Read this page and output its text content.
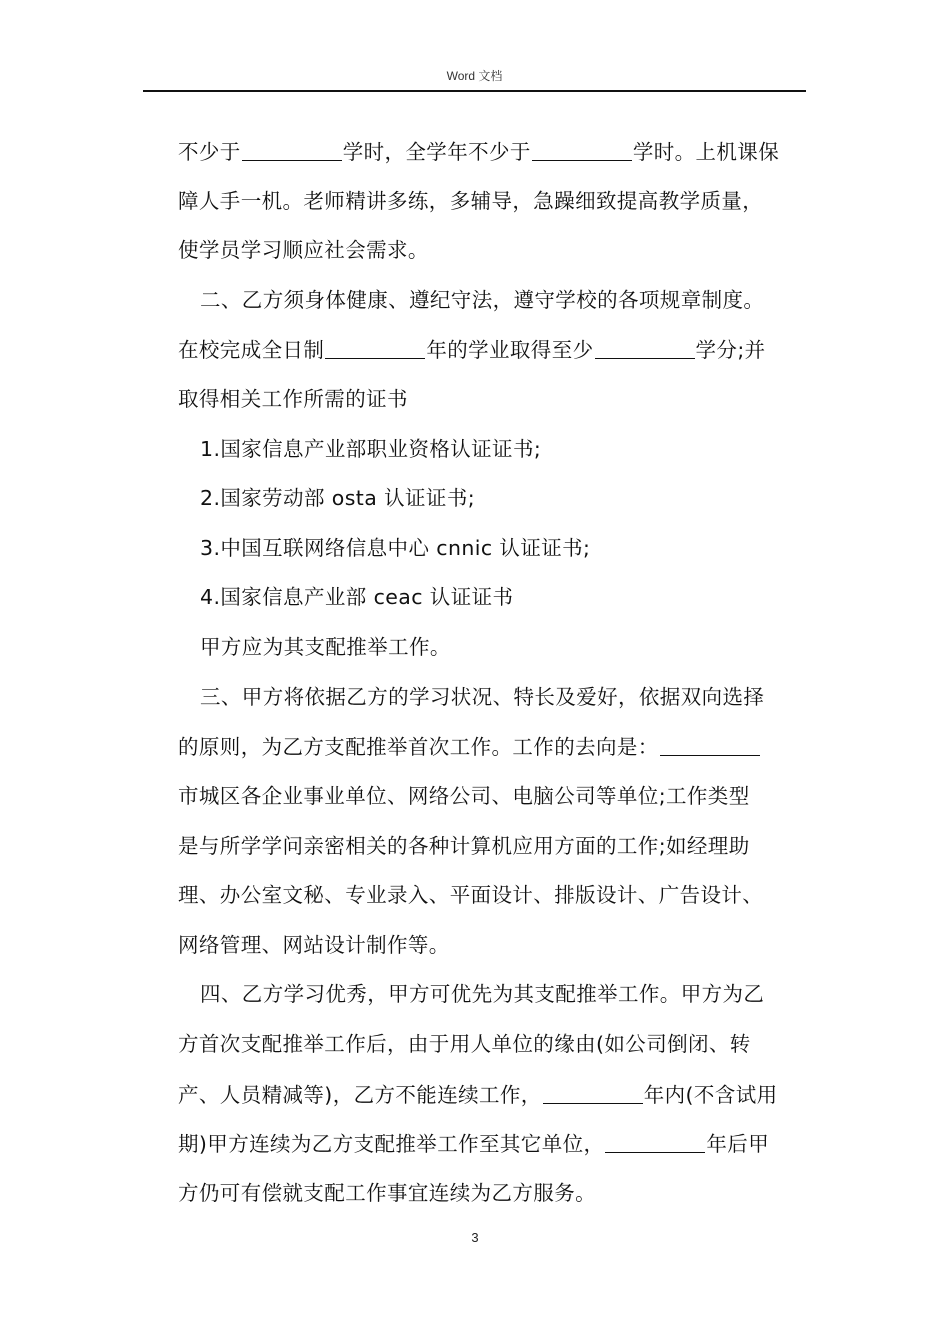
Word 文档
不少于	学时，全学年不少于	学时。上机课保
障人手一机。老师精讲多练，多辅导，急躁细致提高教学质量，
使学员学习顺应社会需求。
二、乙方须身体健康、遵纪守法，遵守学校的各项规章制度。
在校完成全日制	年的学业取得至少	学分;并
取得相关工作所需的证书
1.国家信息产业部职业资格认证证书;
2.国家劳动部 osta 认证证书;
3.中国互联网络信息中心 cnnic 认证证书;
4.国家信息产业部 ceac 认证证书
甲方应为其支配推举工作。
三、甲方将依据乙方的学习状况、特长及爱好，依据双向选择
的原则，为乙方支配推举首次工作。工作的去向是：
市城区各企业事业单位、网络公司、电脑公司等单位;工作类型
是与所学学问亲密相关的各种计算机应用方面的工作;如经理助
理、办公室文秘、专业录入、平面设计、排版设计、广告设计、
网络管理、网站设计制作等。
四、乙方学习优秀，甲方可优先为其支配推举工作。甲方为乙
方首次支配推举工作后，由于用人单位的缘由(如公司倒闭、转
产、人员精减等)，乙方不能连续工作，	年内(不含试用
期)甲方连续为乙方支配推举工作至其它单位，	年后甲
方仍可有偿就支配工作事宜连续为乙方服务。
3
